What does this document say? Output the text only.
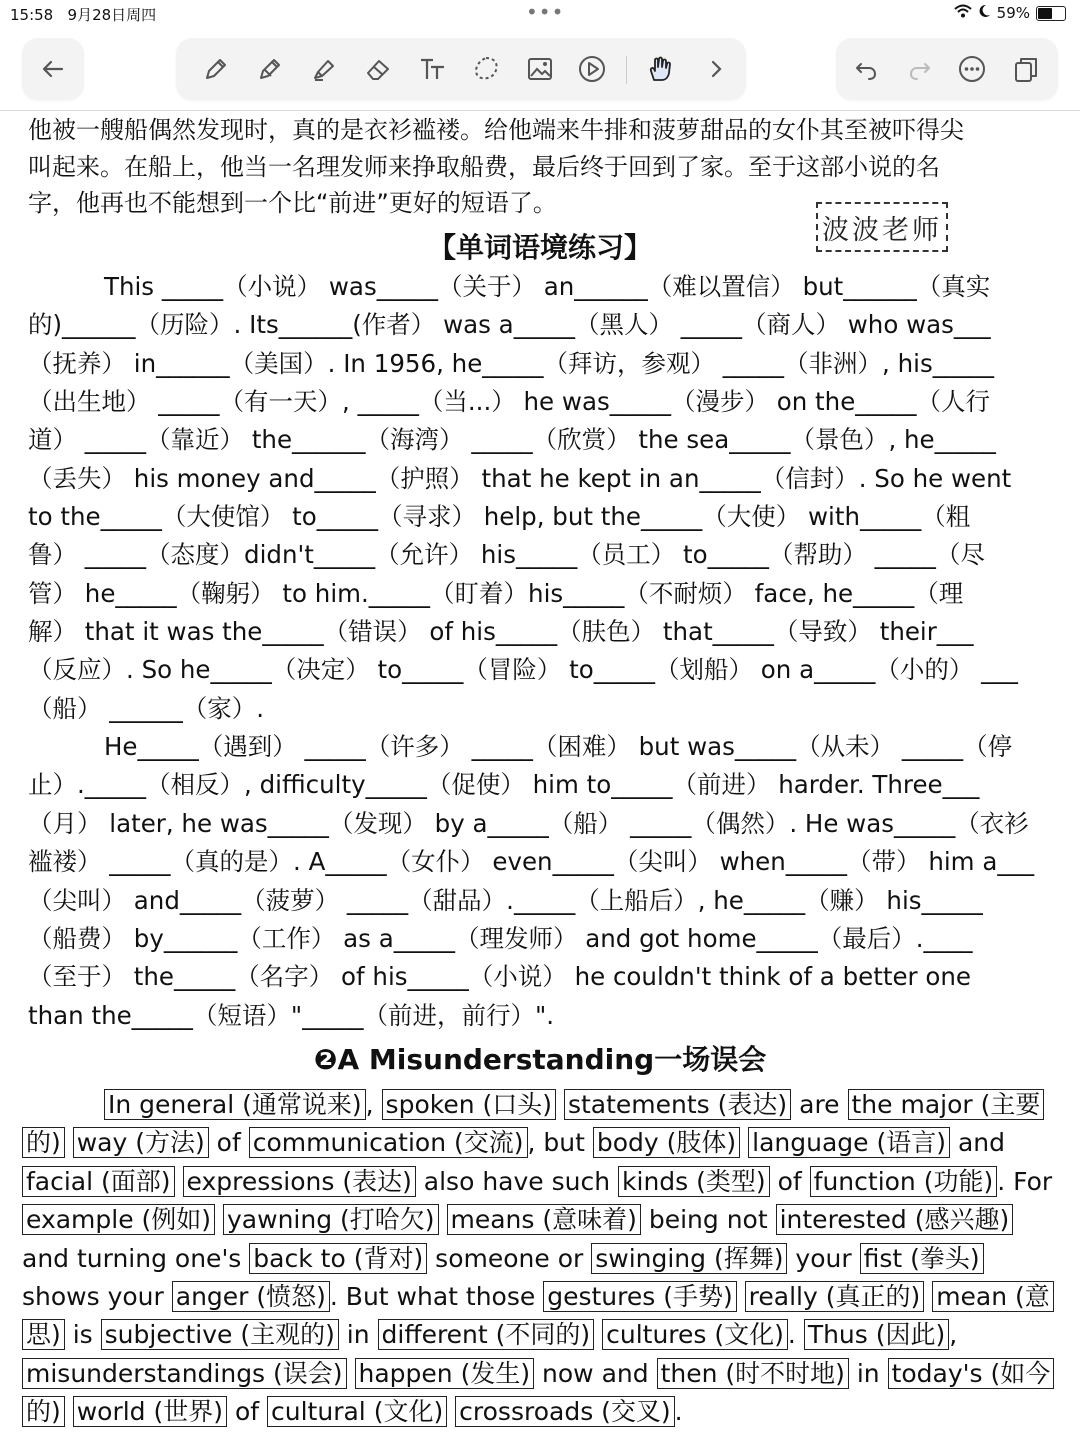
15:58 9月28日周四	•••	59%

他被一艘船偶然发现时，真的是衣衫褴褛。给他端来牛排和菠萝甜品的女仆其至被吓得尖

叫起来。在船上，他当一名理发师来挣取船费，最后终于回到了家。至于这部小说的名

字，他再也不能想到一个比“前进”更好的短语了。

波波老师
【单词语境练习】

This _____（小说） was_____（关于） an______（难以置信） but______（真实

的)______（历险）. Its______(作者） was a_____（黑人） _____（商人） who was___

（抚养） in______（美国）. In 1956, he_____（拜访，参观） _____（非洲）, his_____

（出生地） _____（有一天）, _____（当...） he was_____（漫步） on the_____（人行

道） _____（靠近） the______（海湾） _____（欣赏） the sea_____（景色）, he_____

（丢失） his money and_____（护照） that he kept in an_____（信封）. So he went

to the_____（大使馆） to_____（寻求） help, but the_____（大使） with_____（粗

鲁） _____（态度）didn't_____（允许） his_____（员工） to_____（帮助） _____（尽

管） he_____（鞠躬） to him._____（盯着）his_____（不耐烦） face, he_____（理

解） that it was the_____（错误） of his_____（肤色） that_____（导致） their___

（反应）. So he_____（决定） to_____（冒险） to_____（划船） on a_____（小的） ___

（船） ______（家）.

He_____（遇到） _____（许多） _____（困难） but was_____（从未） _____（停

止）._____（相反）, difficulty_____（促使） him to_____（前进） harder. Three___

（月） later, he was_____（发现） by a_____（船） _____（偶然）. He was_____（衣衫

褴褛） _____（真的是）. A_____（女仆） even_____（尖叫） when_____（带） him a___

（尖叫） and_____（菠萝） _____（甜品）._____（上船后）, he_____（赚） his_____

（船费） by______（工作） as a_____（理发师） and got home_____（最后）.____

（至于） the_____（名字） of his_____（小说） he couldn't think of a better one

than the_____（短语）"_____（前进，前行）".

❷A Misunderstanding一场误会

In general (通常说来) , spoken (口头) statements (表达) are the major (主要

的) way (方法) of communication (交流) , but body (肢体) language (语言) and

facial (面部) expressions (表达) also have such kinds (类型) of function (功能) . For

example (例如) yawning (打哈欠) means (意味着) being not interested (感兴趣)

and turning one's back to (背对) someone or swinging (挥舞) your fist (拳头)

shows your anger (愤怒) . But what those gestures (手势) really (真正的) mean (意

思) is subjective (主观的) in different (不同的) cultures (文化) . Thus (因此) ,

misunderstandings (误会) happen (发生) now and then (时不时地) in today's (如今

的) world (世界) of cultural (文化) crossroads (交叉) .
